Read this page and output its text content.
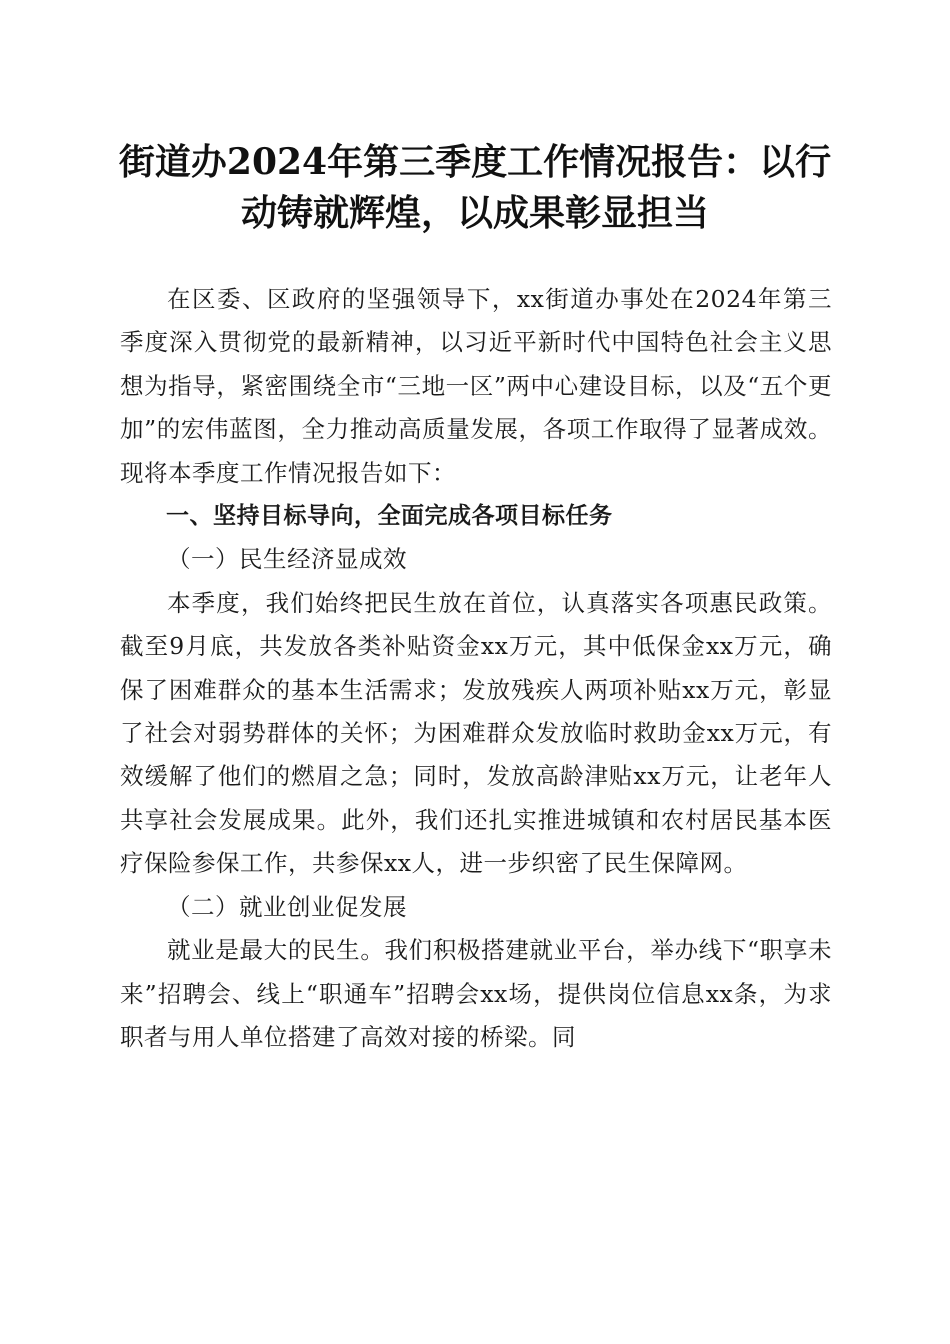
街道办2024年第三季度工作情况报告：以行
动铸就辉煌，以成果彰显担当

在区委、区政府的坚强领导下，xx街道办事处在2024年第三季度深入贯彻党的最新精神，以习近平新时代中国特色社会主义思想为指导，紧密围绕全市“三地一区”两中心建设目标，以及“五个更加”的宏伟蓝图，全力推动高质量发展，各项工作取得了显著成效。现将本季度工作情况报告如下：

一、坚持目标导向，全面完成各项目标任务

（一）民生经济显成效

本季度，我们始终把民生放在首位，认真落实各项惠民政策。截至9月底，共发放各类补贴资金xx万元，其中低保金xx万元，确保了困难群众的基本生活需求；发放残疾人两项补贴xx万元，彰显了社会对弱势群体的关怀；为困难群众发放临时救助金xx万元，有效缓解了他们的燃眉之急；同时，发放高龄津贴xx万元，让老年人共享社会发展成果。此外，我们还扎实推进城镇和农村居民基本医疗保险参保工作，共参保xx人，进一步织密了民生保障网。

（二）就业创业促发展

就业是最大的民生。我们积极搭建就业平台，举办线下“职享未来”招聘会、线上“职通车”招聘会xx场，提供岗位信息xx条，为求职者与用人单位搭建了高效对接的桥梁。同
